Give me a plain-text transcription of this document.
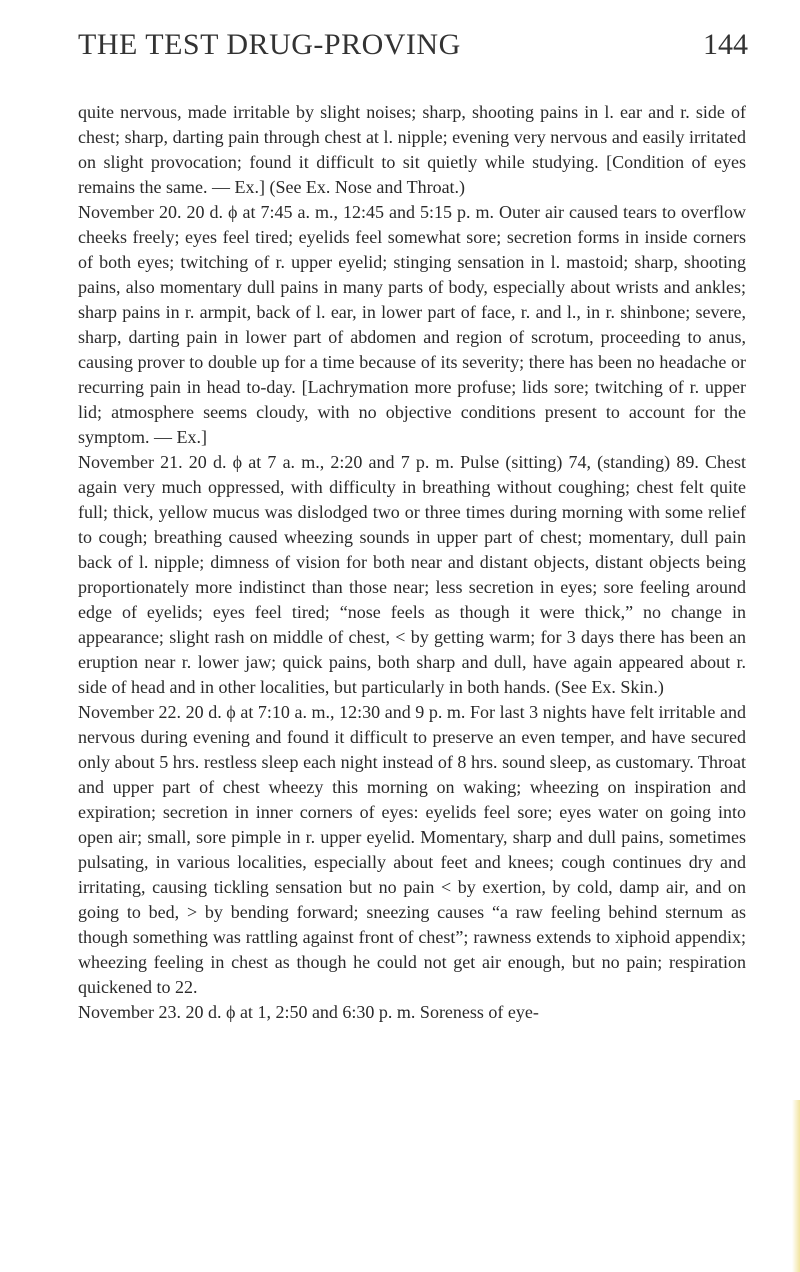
THE TEST DRUG-PROVING	144

quite nervous, made irritable by slight noises; sharp, shooting pains in l. ear and r. side of chest; sharp, darting pain through chest at l. nipple; evening very nervous and easily irritated on slight provocation; found it difficult to sit quietly while studying. [Condition of eyes remains the same. — Ex.] (See Ex. Nose and Throat.)

November 20. 20 d. ϕ at 7:45 a. m., 12:45 and 5:15 p. m. Outer air caused tears to overflow cheeks freely; eyes feel tired; eyelids feel somewhat sore; secretion forms in inside corners of both eyes; twitching of r. upper eyelid; stinging sensation in l. mastoid; sharp, shooting pains, also momentary dull pains in many parts of body, especially about wrists and ankles; sharp pains in r. armpit, back of l. ear, in lower part of face, r. and l., in r. shinbone; severe, sharp, darting pain in lower part of abdomen and region of scrotum, proceeding to anus, causing prover to double up for a time because of its severity; there has been no headache or recurring pain in head to-day. [Lachrymation more profuse; lids sore; twitching of r. upper lid; atmosphere seems cloudy, with no objective conditions present to account for the symptom. — Ex.]

November 21. 20 d. ϕ at 7 a. m., 2:20 and 7 p. m. Pulse (sitting) 74, (standing) 89. Chest again very much oppressed, with difficulty in breathing without coughing; chest felt quite full; thick, yellow mucus was dislodged two or three times during morning with some relief to cough; breathing caused wheezing sounds in upper part of chest; momentary, dull pain back of l. nipple; dimness of vision for both near and distant objects, distant objects being proportionately more indistinct than those near; less secretion in eyes; sore feeling around edge of eyelids; eyes feel tired; “nose feels as though it were thick,” no change in appearance; slight rash on middle of chest, < by getting warm; for 3 days there has been an eruption near r. lower jaw; quick pains, both sharp and dull, have again appeared about r. side of head and in other localities, but particularly in both hands. (See Ex. Skin.)

November 22. 20 d. ϕ at 7:10 a. m., 12:30 and 9 p. m. For last 3 nights have felt irritable and nervous during evening and found it difficult to preserve an even temper, and have secured only about 5 hrs. restless sleep each night instead of 8 hrs. sound sleep, as customary. Throat and upper part of chest wheezy this morning on waking; wheezing on inspiration and expiration; secretion in inner corners of eyes: eyelids feel sore; eyes water on going into open air; small, sore pimple in r. upper eyelid. Momentary, sharp and dull pains, sometimes pulsating, in various localities, especially about feet and knees; cough continues dry and irritating, causing tickling sensation but no pain < by exertion, by cold, damp air, and on going to bed, > by bending forward; sneezing causes “a raw feeling behind sternum as though something was rattling against front of chest”; rawness extends to xiphoid appendix; wheezing feeling in chest as though he could not get air enough, but no pain; respiration quickened to 22.

November 23. 20 d. ϕ at 1, 2:50 and 6:30 p. m. Soreness of eye-
